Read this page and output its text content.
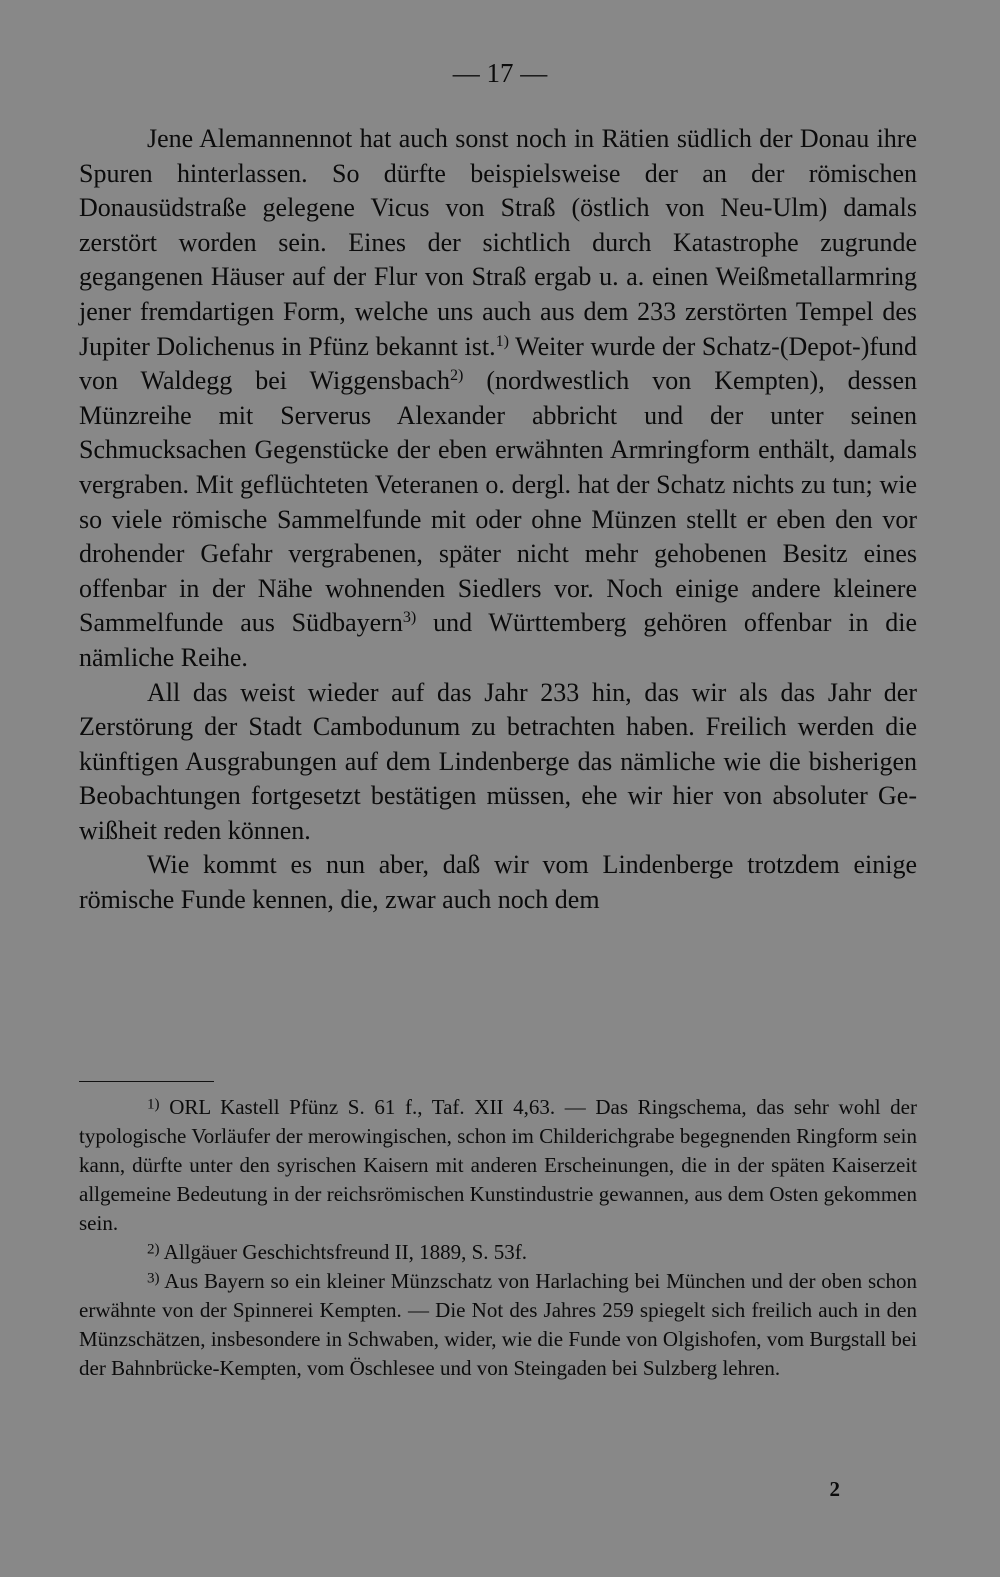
— 17 —

Jene Alemannennot hat auch sonst noch in Rätien südlich der Donau ihre Spuren hinterlassen. So dürfte beispielsweise der an der römischen Donausüdstraße gelegene Vicus von Straß (östlich von Neu-Ulm) damals zerstört worden sein. Eines der sichtlich durch Katastrophe zugrunde gegangenen Häuser auf der Flur von Straß ergab u. a. einen Weißmetallarmring jener fremdartigen Form, welche uns auch aus dem 233 zerstörten Tempel des Jupiter Dolichenus in Pfünz bekannt ist.$^{1)}$ Weiter wurde der Schatz-(Depot-)fund von Waldegg bei Wiggensbach$^{2)}$ (nordwestlich von Kempten), dessen Münzreihe mit Serverus Alexander abbricht und der unter seinen Schmucksachen Gegenstücke der eben erwähnten Armringform enthält, damals vergraben. Mit geflüchteten Veteranen o. dergl. hat der Schatz nichts zu tun; wie so viele römische Sammelfunde mit oder ohne Münzen stellt er eben den vor drohender Gefahr vergrabenen, später nicht mehr gehobenen Besitz eines offenbar in der Nähe wohnenden Siedlers vor. Noch einige andere kleinere Sammelfunde aus Südbayern$^{3)}$ und Württemberg gehören offenbar in die nämliche Reihe.

All das weist wieder auf das Jahr 233 hin, das wir als das Jahr der Zerstörung der Stadt Cambodunum zu betrachten haben. Freilich werden die künftigen Ausgrabungen auf dem Lindenberge das nämliche wie die bisherigen Beobachtungen fortgesetzt bestätigen müssen, ehe wir hier von absoluter Gewißheit reden können.

Wie kommt es nun aber, daß wir vom Lindenberge trotzdem einige römische Funde kennen, die, zwar auch noch dem

$^{1)}$ ORL Kastell Pfünz S. 61 f., Taf. XII 4,63. — Das Ringschema, das sehr wohl der typologische Vorläufer der merowingischen, schon im Childerichgrabe begegnenden Ringform sein kann, dürfte unter den syrischen Kaisern mit anderen Erscheinungen, die in der späten Kaiserzeit allgemeine Bedeutung in der reichsrömischen Kunstindustrie gewannen, aus dem Osten gekommen sein.

$^{2)}$ Allgäuer Geschichtsfreund II, 1889, S. 53f.

$^{3)}$ Aus Bayern so ein kleiner Münzschatz von Harlaching bei München und der oben schon erwähnte von der Spinnerei Kempten. — Die Not des Jahres 259 spiegelt sich freilich auch in den Münzschätzen, insbesondere in Schwaben, wider, wie die Funde von Olgishofen, vom Burgstall bei der Bahnbrücke-Kempten, vom Öschlesee und von Steingaden bei Sulzberg lehren.

2
